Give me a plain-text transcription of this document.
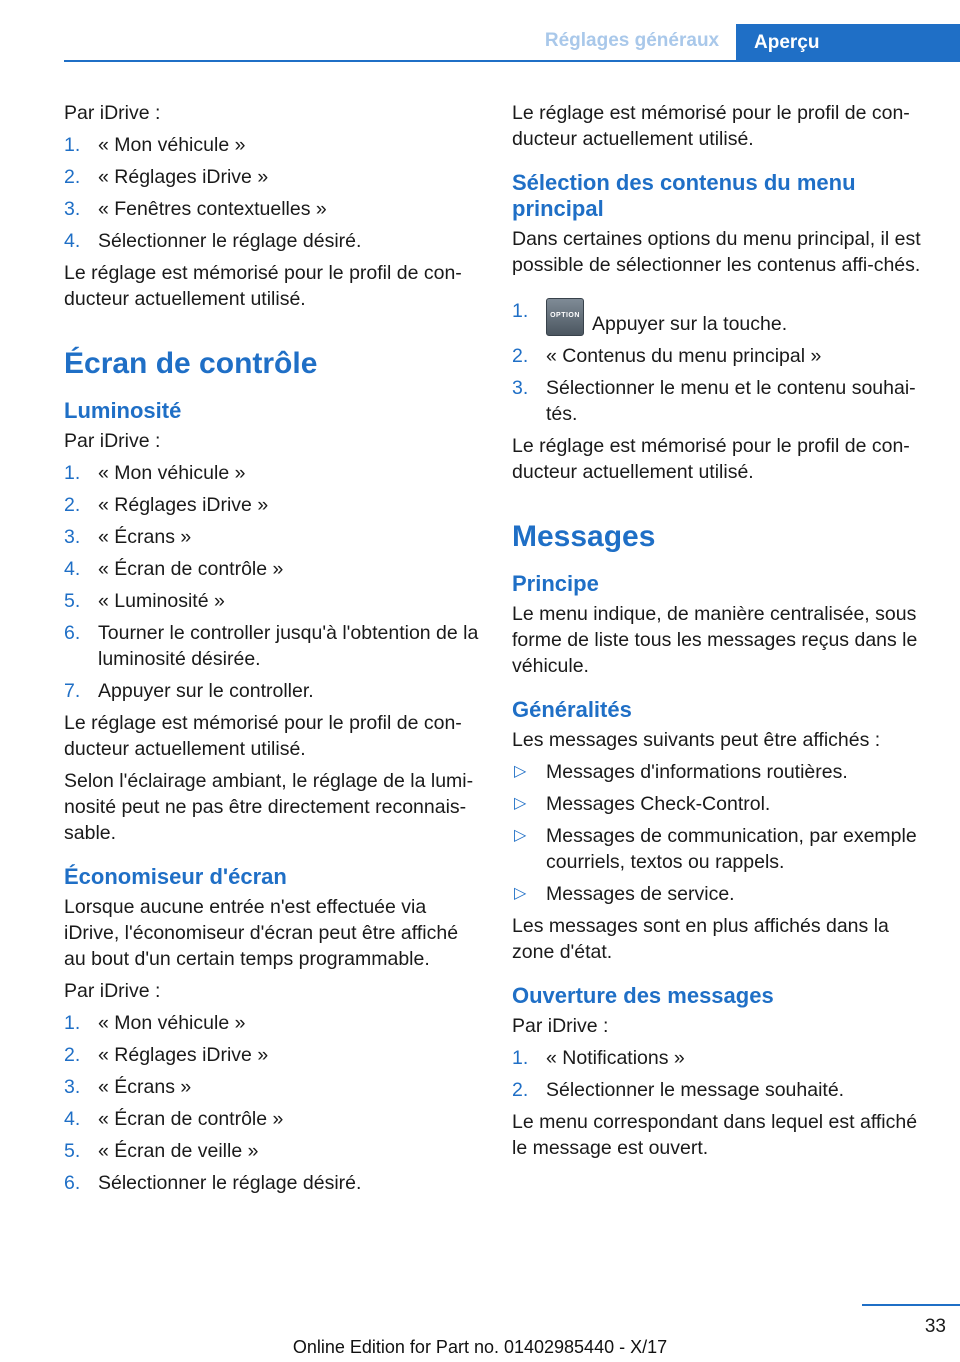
Réglages généraux	Aperçu

Par iDrive :

1. « Mon véhicule »
2. « Réglages iDrive »
3. « Fenêtres contextuelles »
4. Sélectionner le réglage désiré.

Le réglage est mémorisé pour le profil de con-ducteur actuellement utilisé.

Écran de contrôle
Luminosité

Par iDrive :

1. « Mon véhicule »
2. « Réglages iDrive »
3. « Écrans »
4. « Écran de contrôle »
5. « Luminosité »
6. Tourner le controller jusqu'à l'obtention de la luminosité désirée.
7. Appuyer sur le controller.

Le réglage est mémorisé pour le profil de con-ducteur actuellement utilisé.

Selon l'éclairage ambiant, le réglage de la lumi-nosité peut ne pas être directement reconnais-sable.

Économiseur d'écran

Lorsque aucune entrée n'est effectuée via iDrive, l'économiseur d'écran peut être affiché au bout d'un certain temps programmable.

Par iDrive :

1. « Mon véhicule »
2. « Réglages iDrive »
3. « Écrans »
4. « Écran de contrôle »
5. « Écran de veille »
6. Sélectionner le réglage désiré.

Le réglage est mémorisé pour le profil de con-ducteur actuellement utilisé.

Sélection des contenus du menu principal

Dans certaines options du menu principal, il est possible de sélectionner les contenus affi-chés.

1.	OPTION Appuyer sur la touche.
2. « Contenus du menu principal »
3. Sélectionner le menu et le contenu souhai-tés.

Le réglage est mémorisé pour le profil de con-ducteur actuellement utilisé.

Messages
Principe

Le menu indique, de manière centralisée, sous forme de liste tous les messages reçus dans le véhicule.

Généralités

Les messages suivants peut être affichés :

▷ Messages d'informations routières.
▷ Messages Check-Control.
▷ Messages de communication, par exemple courriels, textos ou rappels.
▷ Messages de service.

Les messages sont en plus affichés dans la zone d'état.

Ouverture des messages

Par iDrive :

1. « Notifications »
2. Sélectionner le message souhaité.

Le menu correspondant dans lequel est affiché le message est ouvert.

33
Online Edition for Part no. 01402985440 - X/17
